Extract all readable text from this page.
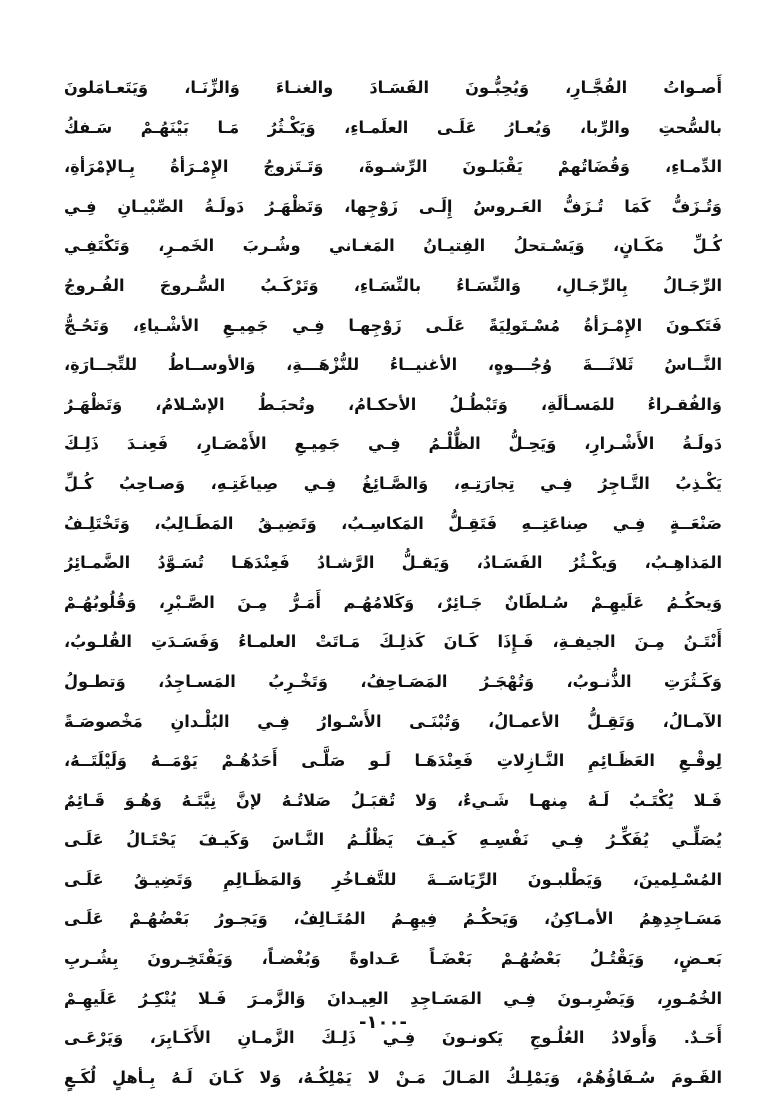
أَصـواتُ الفُجَّـارِ، وَيُحِبُّـونَ الفَسَـادَ والغنـاءَ وَالزِّنَـا، وَيَتَعـامَلونَ
بالسُّحتِ والرِّبا، وَيُعـارُ عَلَـى العلَمـاءِ، وَيَكْـثُرُ مَـا بَيْنَهُـمْ سَـفكُ
الدِّمـاءِ، وَقُضَاتُهمْ يَقْبَلـونَ الرِّشـوةَ، وَتَـتَزوجُ الإِمْـرَأةُ بِـالإمْرَأةِ،
وَتُـزَفُّ كَمَا تُـزَفُّ العَـروسُ إِلَـى زَوْجِها، وَتَظْهَـرُ دَولَـةُ الصِّبْيـانِ فِـي
كُـلِّ مَكَـانٍ، وَيَسْـتحلُ الفِتيـانُ المَغـاني وشُـربَ الخَمـرِ، وَتَكْتَفِـي
الرِّجَـالُ بِالرِّجَـالِ، وَالنِّسَـاءُ بالنِّسَـاءِ، وَتَرْكَـبُ السُّـروجَ الفُـروجُ
فَتَكـونَ الإِمْـرَأةُ مُسْـتَولِيَةً عَلَـى زَوْجِهـا فِـي جَمِيـعِ الأشْـياءِ، وَتَحُـجُّ
النَّــاسُ ثَلاثَـــةَ وُجُـــوهٍ، الأغنيــاءُ للنُّزْهَـــةِ، وَالأوســاطُ للتِّجــارَةِ،
وَالفُقـراءُ للمَسـألَةِ، وَتَبْطُـلُ الأحكـامُ، وتُحبَـطُ الإسْـلامُ، وَتَظْهَـرُ
دَولَـةُ الأَشْـرارِ، وَيَحِـلُّ الظُّلْـمُ فِـي جَمِيـعِ الأَمْصَـارِ، فَعِنـدَ ذَلِـكَ
يَكْـذِبُ التَّـاجِرُ فِـي تِجارَتِـهِ، وَالصَّـائِغُ فِـي صِياغَتِـهِ، وَصـاحِبُ كُـلِّ
صَنْعَــةٍ فِـي صِناعَتِــهِ فَتَقِـلُّ المَكاسِـبُ، وَتَضِيـقُ المَطَـالِبُ، وَتَخْتَلِـفُ
المَذاهِـبُ، وَيكْـثُرُ الفَسَـادُ، وَيَقـلُّ الرَّشـادُ فَعِنْدَهَـا تُسَـوَّدُ الضَّمـائِرُ
وَيحكُـمُ عَلَيهِـمْ سُـلطَانٌ جَـائِرٌ، وَكَلامُهُـم أَمَـرُّ مِـنَ الصَّـبْرِ، وَقُلُوبُهُـمْ
أَنْتَـنُ مِـنَ الجيفـةِ، فَـإِذَا كَـانَ كَذلِـكَ مَـاتَتْ العلمـاءُ وَفَسَـدَتِ القُلـوبُ،
وَكَـثُرَتِ الذُّنـوبُ، وَتُهْجَـرُ المَصَـاحِفُ، وَتَخْـرِبُ المَسـاجِدُ، وَتطـولُ
الآمـالُ، وَتَقِـلُّ الأعمـالُ، وَتُبْنَـى الأَسْـوارُ فِـي البُلْـدانِ مَخْصوصَـةً
لِوقْـعِ العَظَـائِمِ النَّـازِلاتِ فَعِنْدَهَـا لَـو صَلَّـى أَحَدُهُـمْ يَوْمَــهُ وَلَيْلَتَــهُ،
فَـلا يُكْتَـبُ لَـهُ مِنهـا شَـيءٌ، وَلا تُقبَـلُ صَلاتُـهُ لإنَّ نِيَّتَـهُ وَهُـوَ قَـائِمٌ
يُصَلِّـي يُفَكِّـرُ فِـي نَفْسِـهِ كَيـفَ يَظْلُـمُ النَّـاسَ وَكَيـفَ يَحْتَـالُ عَلَـى
المُسْـلِمينَ، وَيَطْلبـونَ الرِّيَاسَــةَ للتَّفـاخُرِ وَالمَظَـالِمِ وَتَضِيـقُ عَلَـى
مَسَـاجِدِهِمُ الأمـاكِنُ، وَيَحكُـمُ فِيهِـمُ المُتَـالِفُ، وَيَجـورُ بَعْضُهُـمْ عَلَـى
بَعـضٍ، وَيَقْتُـلُ بَعْضُهُـمْ بَعْضَـاً عَـداوةً وَبُغْضـاً، وَيَفْتَخِـرونَ بِشُـربِ
الخُمُـورِ، وَيَضْرِبـونَ فِـي المَسَـاجِدِ العِيـدانَ وَالزَّمـرَ فَـلا يُنْكِـرُ عَلَيهِـمْ
أَحَـدٌ. وَأَولادُ العُلُـوجِ يَكونـونَ فِـي ذَلِـكَ الزَّمـانِ الأَكَـابِرَ، وَيَرْعَـى
القَـومَ سُـفَاؤُهُمْ، وَيَمْلِـكُ المَـالَ مَـنْ لا يَمْلِكُـهُ، وَلا كَـانَ لَـهُ بِـأهلٍ لُكَـعٍ
-١٠٠-
